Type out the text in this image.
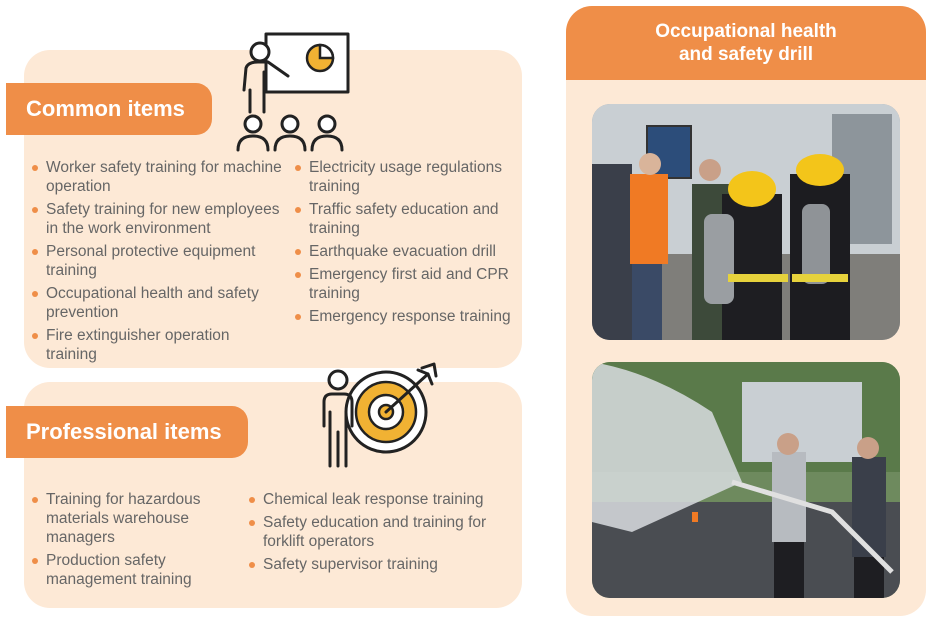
Common items
Professional items
Worker safety training for machine operation
Safety training for new employees in the work environment
Personal protective equipment training
Occupational health and safety prevention
Fire extinguisher operation training
Electricity usage regulations training
Traffic safety education and training
Earthquake evacuation drill
Emergency first aid and CPR training
Emergency response training
Training for hazardous materials warehouse managers
Production safety management training
Chemical leak response training
Safety education and training for forklift operators
Safety supervisor training
Occupational health
and safety drill
